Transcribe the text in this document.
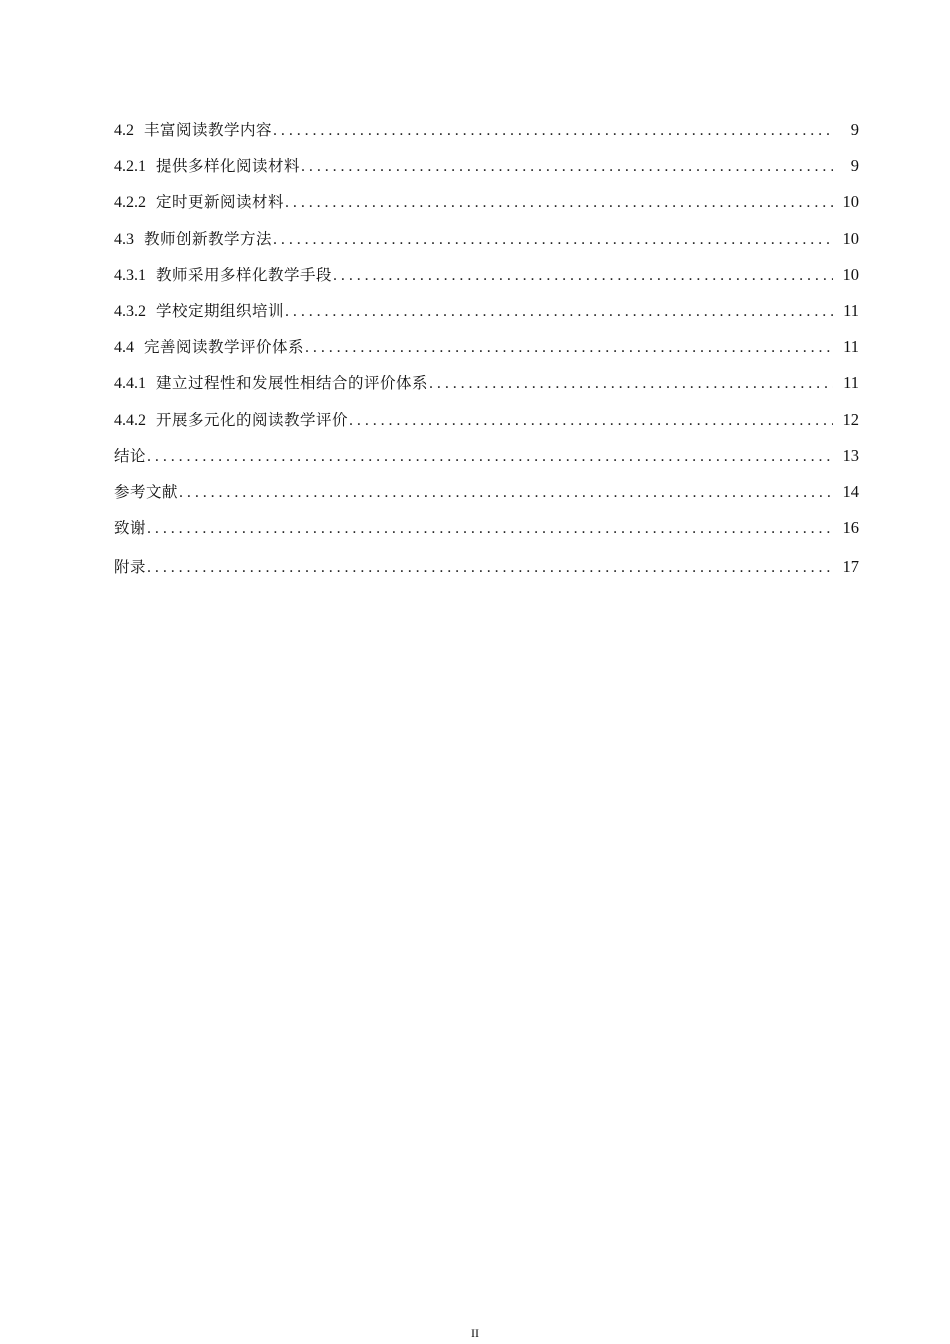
4.2 丰富阅读教学内容 .....	9
4.2.1 提供多样化阅读材料 .....	9
4.2.2 定时更新阅读材料 .....	10
4.3 教师创新教学方法 .....	10
4.3.1 教师采用多样化教学手段 .....	10
4.3.2 学校定期组织培训 .....	11
4.4 完善阅读教学评价体系 .....	11
4.4.1 建立过程性和发展性相结合的评价体系 .....	11
4.4.2 开展多元化的阅读教学评价 .....	12
结论 .....	13
参考文献 .....	14
致谢 .....	16
附录 .....	17
II
